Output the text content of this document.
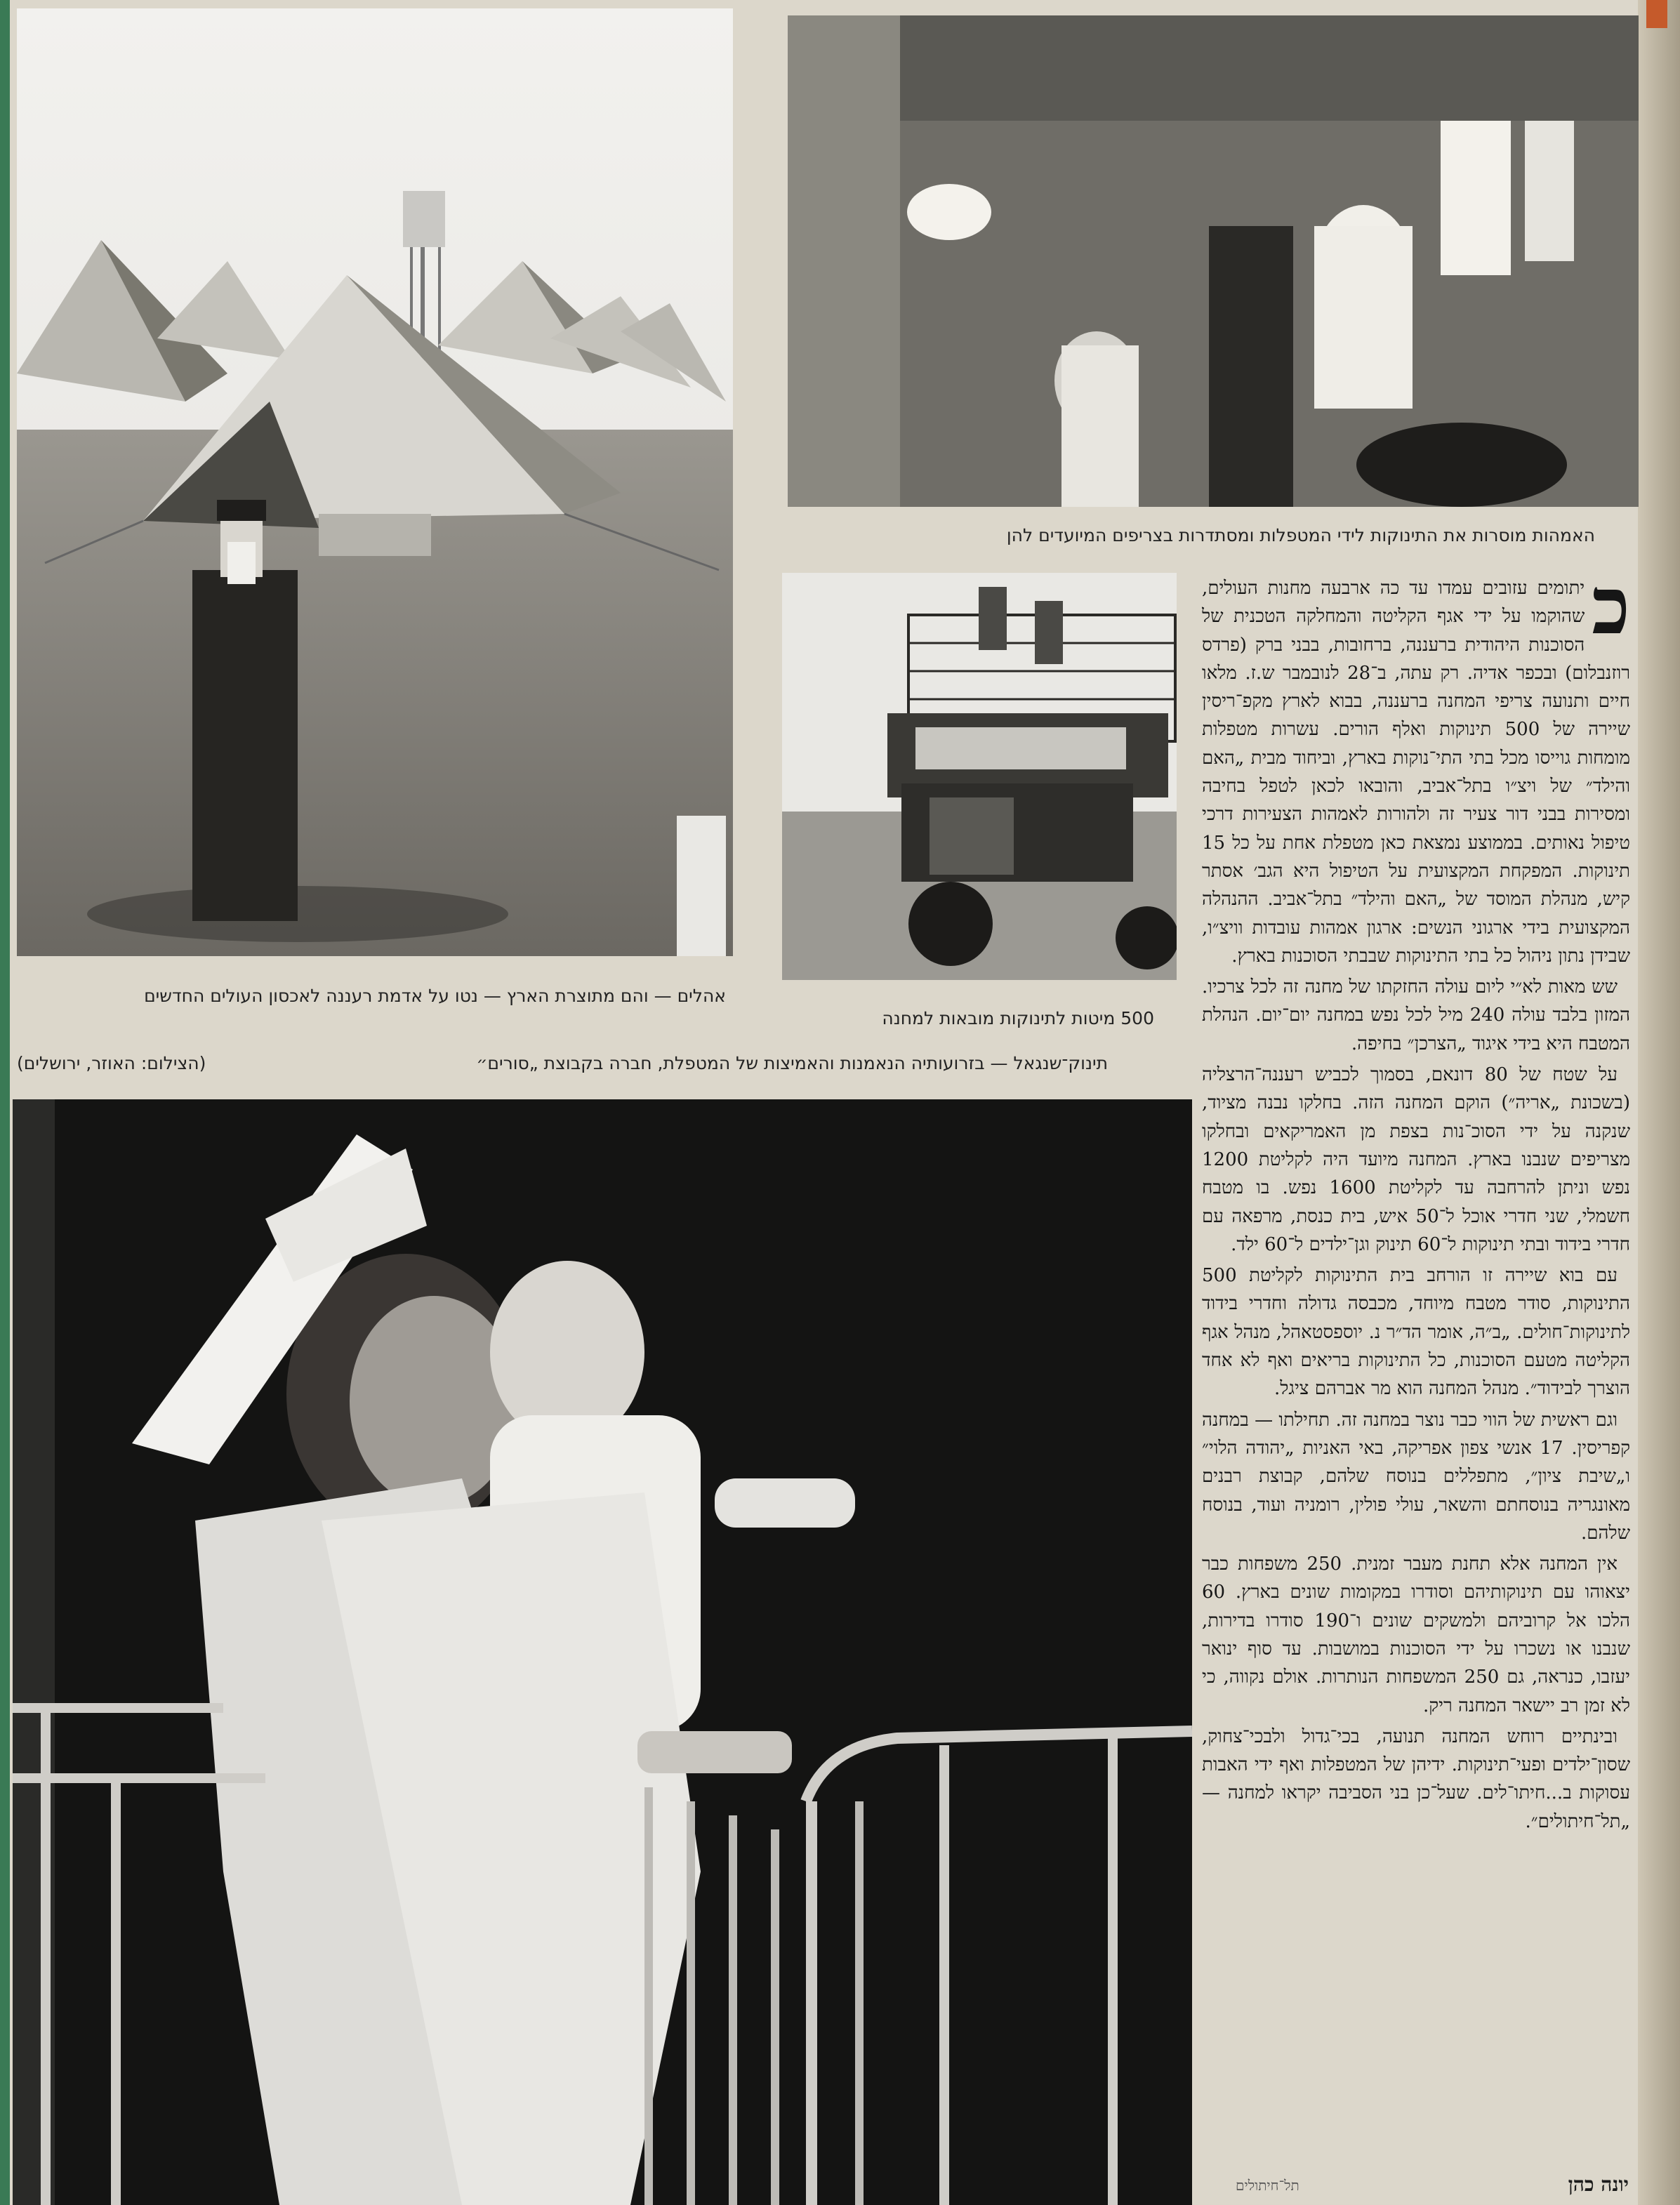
אהלים — והם מתוצרת הארץ — נטו על אדמת רעננה לאכסון העולים החדשים
האמהות מוסרות את התינוקות לידי המטפלות ומסתדרות בצריפים המיועדים להן
500 מיטות לתינוקות מובאות למחנה
תינוק־שנגאל — בזרועותיה הנאמנות והאמיצות של המטפלת, חברה בקבוצת „סורים״
(הצילום: האוזר, ירושלים)
כ

יתומים עזובים עמדו עד כה ארבעה מחנות העולים, שהוקמו על ידי אגף הקליטה והמחלקה הטכנית של הסוכנות היהודית ברעננה, ברחובות, בבני ברק (פרדס רוזנבלום) ובכפר אדיה. רק עתה, ב־28 לנובמבר ש.ז. מלאו חיים ותנועה צריפי המחנה ברעננה, בבוא לארץ מקפ־ריסין שיירה של 500 תינוקות ואלף הורים. עשרות מטפלות מומחות גוייסו מכל בתי התי־נוקות בארץ, וביחוד מבית „האם והילד״ של ויצ״ו בתל־אביב, והובאו לכאן לטפל בחיבה ומסירות בבני דור צעיר זה ולהורות לאמהות הצעירות דרכי טיפול נאותים. בממוצע נמצאת כאן מטפלת אחת על כל 15 תינוקות. המפקחת המקצועית על הטיפול היא הגב׳ אסתר קיש, מנהלת המוסד של „האם והילד״ בתל־אביב. ההנהלה המקצועית בידי ארגוני הנשים: ארגון אמהות עובדות וויצ״ו, שבידן נתון ניהול כל בתי התינוקות שבבתי הסוכנות בארץ.

שש מאות לא״י ליום עולה החזקתו של מחנה זה לכל צרכיו. המזון בלבד עולה 240 מיל לכל נפש במחנה יום־יום. הנהלת המטבח היא בידי איגוד „הצרכן״ בחיפה.

על שטח של 80 דונאם, בסמוך לכביש רעננה־הרצליה (בשכונת „אריה״) הוקם המחנה הזה. בחלקו נבנה מציוד, שנקנה על ידי הסוכ־נות בצפת מן האמריקאים ובחלקו מצריפים שנבנו בארץ. המחנה מיועד היה לקליטת 1200 נפש וניתן להרחבה עד לקליטת 1600 נפש. בו מטבח חשמלי, שני חדרי אוכל ל־50 איש, בית כנסת, מרפאה עם חדרי בידוד ובתי תינוקות ל־60 תינוק וגן־ילדים ל־60 ילד.

עם בוא שיירה זו הורחב בית התינוקות לקליטת 500 התינוקות, סודר מטבח מיוחד, מכבסה גדולה וחדרי בידוד לתינוקות־חולים. „ב״ה, אומר הד״ר נ. יוספסטאהל, מנהל אגף הקליטה מטעם הסוכנות, כל התינוקות בריאים ואף לא אחד הוצרך לבידוד״. מנהל המחנה הוא מר אברהם ציגל.

וגם ראשית של הווי כבר נוצר במחנה זה. תחילתו — במחנה קפריסין. 17 אנשי צפון אפריקה, באי האניות „יהודה הלוי״ ו„שיבת ציון״, מתפללים בנוסח שלהם, קבוצת רבנים מאונגריה בנוסחתם והשאר, עולי פולין, רומניה ועוד, בנוסח שלהם.

אין המחנה אלא תחנת מעבר זמנית. 250 משפחות כבר יצאוהו עם תינוקותיהם וסודרו במקומות שונים בארץ. 60 הלכו אל קרוביהם ולמשקים שונים ו־190 סודרו בדירות, שנבנו או נשכרו על ידי הסוכנות במושבות. עד סוף ינואר יעזבו, כנראה, גם 250 המשפחות הנותרות. אולם נקווה, כי לא זמן רב יישאר המחנה ריק.

ובינתיים רוחש המחנה תנועה, בכי־גדול ולבכי־צחוק, שסון־ילדים ופעי־תינוקות. ידיהן של המטפלות ואף ידי האבות עסוקות ב...חיתו־לים. שעל־כן בני הסביבה יקראו למחנה — „תל־חיתולים״.

יונה כהן
תל־חיתולים
